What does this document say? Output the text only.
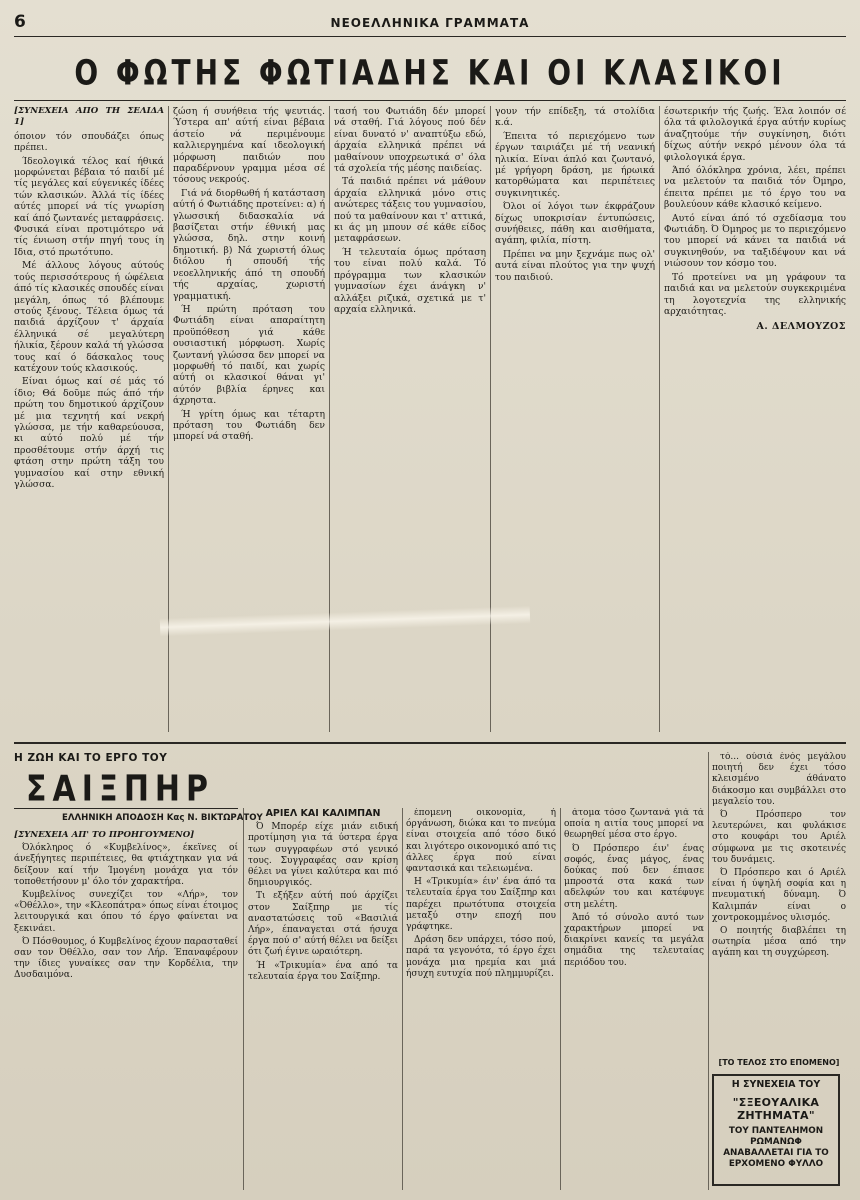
6	ΝΕΟΕΛΛΗΝΙΚΑ ΓΡΑΜΜΑΤΑ
Ο ΦΩΤΗΣ ΦΩΤΙΑΔΗΣ ΚΑΙ ΟΙ ΚΛΑΣΙΚΟΙ

[ΣΥΝΕΧΕΙΑ ΑΠΟ ΤΗ ΣΕΛΙΔΑ 1]

όποιον τόν σπουδάζει όπως πρέπει.

Ίδεολογικά τέλος καί ήθικά μορφώνεται βέβαια τό παιδί μέ τίς μεγάλες καί εύγενικές ίδέες τών κλασικών. Άλλά τίς ίδέες αύτές μπορεί νά τίς γνωρίση καί άπό ζωντανές μεταφράσεις. Φυσικά είναι προτιμότερο νά τίς ένιωση στήν πηγή τους ίη Ιδια, στό πρωτότυπο.

Μέ άλλους λόγους αύτούς τούς περισσότερους ή ώφέλεια άπό τίς κλασικές σπουδές είναι μεγάλη, όπως τό βλέπουμε στούς ξένους. Τέλεια όμως τά παιδιά άρχίζουν τ' άρχαία έλληνικά σέ μεγαλύτερη ήλικία, ξέρουν καλά τή γλώσσα τους καί ό δάσκαλος τους κατέχουν τούς κλασικούς.

Είναι όμως καί σέ μάς τό ίδιο; Θά δοῦμε πώς άπό τήν πρώτη του δημοτικού άρχίζουν μέ μια τεχνητή καί νεκρή γλώσσα, με τήν καθαρεύουσα, κι αύτό πολύ μέ τήν προσθέτουμε στήν άρχή τις φτάση στην πρώτη τάξη του γυμνασίου καί στην εθνική γλώσσα.

ζώση ή συνήθεια τής ψευτιάς. Ύστερα απ' αύτή είναι βέβαια άστείο νά περιμένουμε καλλιεργημένα καί ιδεολογική μόρφωση παιδιών που παραδέρνουν γραμμα μέσα σέ τόσους νεκρούς.

Γιά νά διορθωθή ή κατάσταση αύτή ό Φωτιάδης προτείνει: α) ή γλωσσική διδασκαλία νά βασίζεται στήν έθνική μας γλώσσα, δηλ. στην κοινή δημοτική. β) Νά χωριστή όλως διόλου ή σπουδή τής νεοελληνικής άπό τη σπουδή τής αρχαίας, χωριστή γραμματική.

Ή πρώτη πρόταση του Φωτιάδη είναι απαραίτητη προϋπόθεση γιά κάθε ουσιαστική μόρφωση. Χωρίς ζωντανή γλώσσα δεν μπορεί να μορφωθή τό παιδί, και χωρίς αύτή οι κλασικοί θάναι γι' αύτόν βιβλία έρηνες και άχρηστα.

Ή γρίτη όμως και τέταρτη πρόταση του Φωτιάδη δεν μπορεί νά σταθή.

τασή του Φωτιάδη δέν μπορεί νά σταθή. Γιά λόγους πού δέν είναι δυνατό ν' αναπτύξω εδώ, άρχαία ελληνικά πρέπει νά μαθαίνουν υποχρεωτικά σ' όλα τά σχολεία τής μέσης παιδείας.

Τά παιδιά πρέπει νά μάθουν άρχαία ελληνικά μόνο στις ανώτερες τάξεις του γυμνασίου, πού τα μαθαίνουν και τ' αττικά, κι άς μη μπουν σέ κάθε είδος μεταφράσεων.

Ή τελευταία όμως πρόταση του είναι πολύ καλά. Τό πρόγραμμα των κλασικών γυμνασίων έχει άνάγκη ν' αλλάξει ριζικά, σχετικά με τ' αρχαία ελληνικά.

γουν τήν επίδεξη, τά στολίδια κ.ά.

Έπειτα τό περιεχόμενο των έργων ταιριάζει μέ τή νεανική ηλικία. Είναι άπλό και ζωντανό, μέ γρήγορη δράση, με ήρωικά κατορθώματα και περιπέτειες συγκινητικές.

Όλοι οί λόγοι των έκφράζουν δίχως υποκρισίαν έντυπώσεις, συνήθειες, πάθη και αισθήματα, αγάπη, φιλία, πίστη.

Πρέπει να μην ξεχνάμε πως ολ' αυτά είναι πλούτος για την ψυχή του παιδιού.

έσωτερικήν τής ζωής. Έλα λοιπόν σέ όλα τά φιλολογικά έργα αύτήν κυρίως άναζητούμε τήν συγκίνηση, διότι δίχως αύτήν νεκρό μένουν όλα τά φιλολογικά έργα.

Άπό όλόκληρα χρόνια, λέει, πρέπει να μελετούν τα παιδιά τόν Όμηρο, έπειτα πρέπει με τό έργο του να βουλεύουν κάθε κλασικό κείμενο.

Αυτό είναι άπό τό σχεδίασμα του Φωτιάδη. Ό Όμηρος με το περιεχόμενο του μπορεί νά κάνει τα παιδιά νά συγκινηθούν, να ταξιδέψουν και νά νιώσουν τον κόσμο του.

Τό προτείνει να μη γράφουν τα παιδιά και να μελετούν συγκεκριμένα τη λογοτεχνία της ελληνικής αρχαιότητας.

Α. ΔΕΛΜΟΥΖΟΣ

Η ΖΩΗ ΚΑΙ ΤΟ ΕΡΓΟ ΤΟΥ
ΣΑΙΞΠΗΡ
ΕΛΛΗΝΙΚΗ ΑΠΟΔΟΣΗ Κας Ν. ΒΙΚΤΩΡΑΤΟΥ

[ΣΥΝΕΧΕΙΑ ΑΠ' ΤΟ ΠΡΟΗΓΟΥΜΕΝΟ]

Όλόκληρος ό «Κυμβελίνος», έκεϊνες οί άνεξήγητες περιπέτειες, θα φτιάχτηκαν για νά δείξουν καί τήν Ίμογένη μονάχα για τόν τοποθετήσουν μ' όλο τόν χαρακτήρα.

Κυμβελίνος συνεχίζει τον «Λήρ», τον «Όθέλλο», την «Κλεοπάτρα» όπως είναι έτοιμος λειτουργικά και όπου τό έργο φαίνεται να ξεκινάει.

Ό Πόσθουμος, ό Κυμβελίνος έχουν παρασταθεί σαν τον Όθέλλο, σαν τον Λήρ. Έπαναφέρουν την ίδιες γυναίκες σαν την Κορδέλια, την Δυσδαιμόνα.

ΑΡΙΕΛ ΚΑΙ ΚΑΛΙΜΠΑΝ

Ό Μπορέρ είχε μιάν ειδική προτίμηση για τά ύστερα έργα των συγγραφέων στό γενικό τους. Συγγραφέας σαν κρίση θέλει να γίνει καλύτερα και πιό δημιουργικός.

Τι εξήξεν αύτή πού άρχίζει στον Σαίξπηρ με τίς αναστατώσεις τοῦ «Βασιλιά Λήρ», έπαναγεται στά ήσυχα έργα πού σ' αύτή θέλει να δείξει ότι ζωή έγινε ωραιότερη.

Ή «Τρικυμία» ένα από τα τελευταία έργα του Σαίξπηρ.

έπομενη οικονομία, ή όργάνωση, διώκα και το πνεύμα είναι στοιχεία από τόσο δικό και λιγότερο οικονομικό από τις άλλες έργα πού είναι φαντασικά και τελειωμένα.

Η «Τρικυμία» έιν' ένα άπό τα τελευταία έργα του Σαίξπηρ και παρέχει πρωτότυπα στοιχεία μεταξύ στην εποχή που γράφτηκε.

Δράση δεν υπάρχει, τόσο πού, παρά τα γεγονότα, τό έργο έχει μονάχα μια ηρεμία και μιά ήσυχη ευτυχία πού πλημμυρίζει.

άτομα τόσο ζωντανά γιά τά οποία η αιτία τους μπορεί να θεωρηθεί μέσα στο έργο.

Ό Πρόσπερο έιν' ένας σοφός, ένας μάγος, ένας δούκας πού δεν έπιασε μπροστά στα κακά των αδελφών του και κατέφυγε στη μελέτη.

Άπό τό σύνολο αυτό των χαρακτήρων μπορεί να διακρίνει κανείς τα μεγάλα σημάδια της τελευταίας περιόδου του.

τό... ούσιά ένός μεγάλου ποιητή δεν έχει τόσο κλεισμένο άθάνατο διάκοσμο και συμβάλλει στο μεγαλείο του.

Ό Πρόσπερο τον λευτερώνει, και φυλάκισε στο κουφάρι του Αριέλ σύμφωνα με τις σκοτεινές του δυνάμεις.

Ό Πρόσπερο και ό Αριέλ είναι ή ύψηλή σοφία και η πνευματική δύναμη. Ό Καλιμπάν είναι ο χοντροκομμένος υλισμός.

Ο ποιητής διαβλέπει τη σωτηρία μέσα από την αγάπη και τη συγχώρεση.

[ΤΟ ΤΕΛΟΣ ΣΤΟ ΕΠΟΜΕΝΟ]
Η ΣΥΝΕΧΕΙΑ ΤΟΥ
"ΣΞΕΟΥΑΛΙΚΑ ΖΗΤΗΜΑΤΑ"
ΤΟΥ ΠΑΝΤΕΛΗΜΟΝ ΡΩΜΑΝΩΦ ΑΝΑΒΑΛΛΕΤΑΙ ΓΙΑ ΤΟ ΕΡΧΟΜΕΝΟ ΦΥΛΛΟ
